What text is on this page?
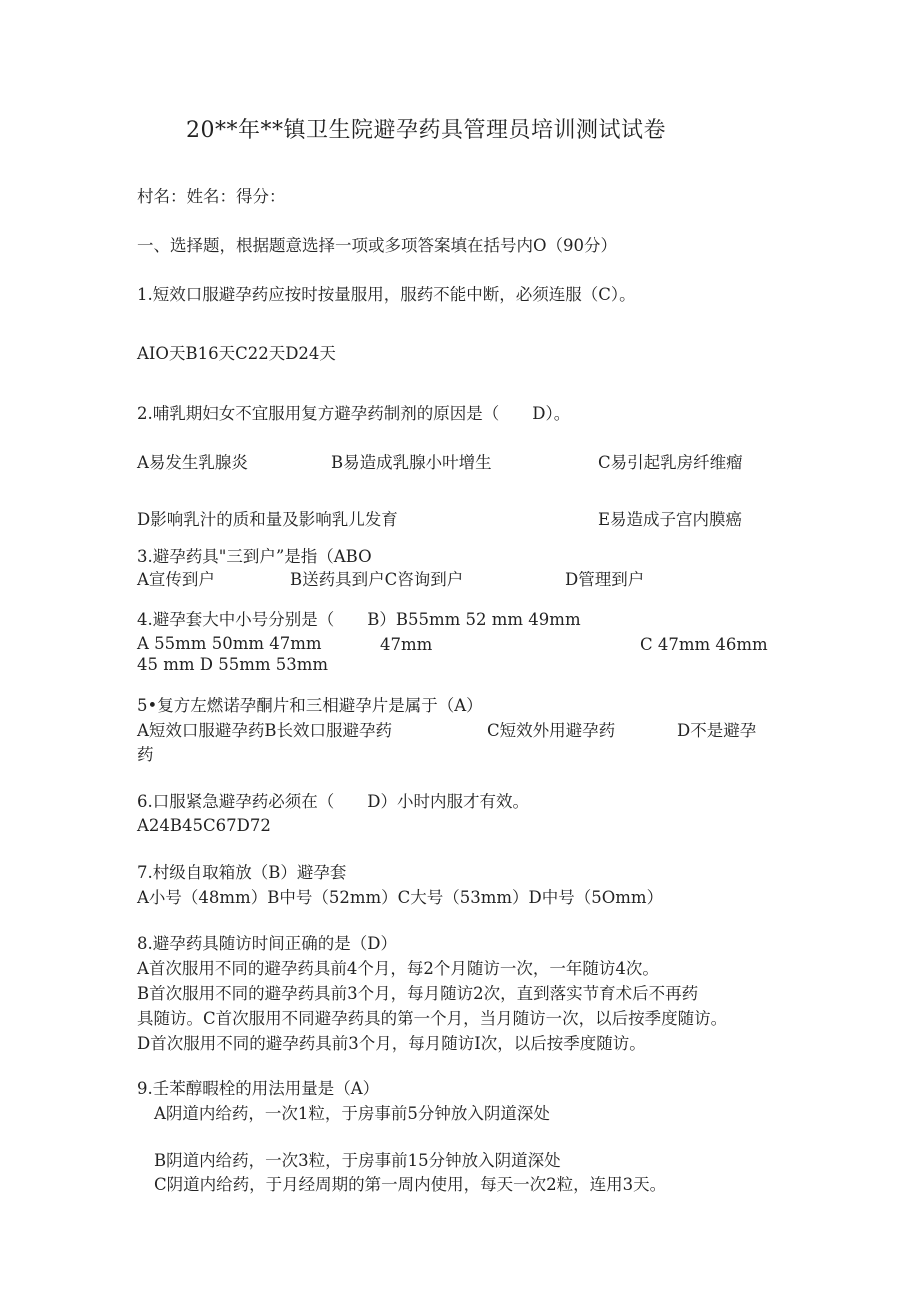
20**年**镇卫生院避孕药具管理员培训测试试卷
村名：姓名：得分：
一、选择题，根据题意选择一项或多项答案填在括号内O（90分）
1.短效口服避孕药应按时按量服用，服药不能中断，必须连服（C）。
AIO天B16天C22天D24天
2.哺乳期妇女不宜服用复方避孕药制剂的原因是（　　D）。
A易发生乳腺炎	B易造成乳腺小叶增生	C易引起乳房纤维瘤
D影响乳汁的质和量及影响乳儿发育	E易造成子宫内膜癌
3.避孕药具"三到户”是指（ABO
A宣传到户	B送药具到户C咨询到户	D管理到户
4.避孕套大中小号分别是（　　B）B55mm 52 mm 49mm
A 55mm 50mm 47mm	47mm	C 47mm 46mm
45 mm D 55mm 53mm
5•复方左燃诺孕酮片和三相避孕片是属于（A）
A短效口服避孕药B长效口服避孕药	C短效外用避孕药	D不是避孕
药
6.口服紧急避孕药必须在（　　D）小时内服才有效。
A24B45C67D72
7.村级自取箱放（B）避孕套
A小号（48mm）B中号（52mm）C大号（53mm）D中号（5Omm）
8.避孕药具随访时间正确的是（D）
A首次服用不同的避孕药具前4个月，每2个月随访一次，一年随访4次。
B首次服用不同的避孕药具前3个月，每月随访2次，直到落实节育术后不再药
具随访。C首次服用不同避孕药具的第一个月，当月随访一次，以后按季度随访。
D首次服用不同的避孕药具前3个月，每月随访I次，以后按季度随访。
9.壬苯醇暇栓的用法用量是（A）
A阴道内给药，一次1粒，于房事前5分钟放入阴道深处
B阴道内给药，一次3粒，于房事前15分钟放入阴道深处
C阴道内给药，于月经周期的第一周内使用，每天一次2粒，连用3天。
